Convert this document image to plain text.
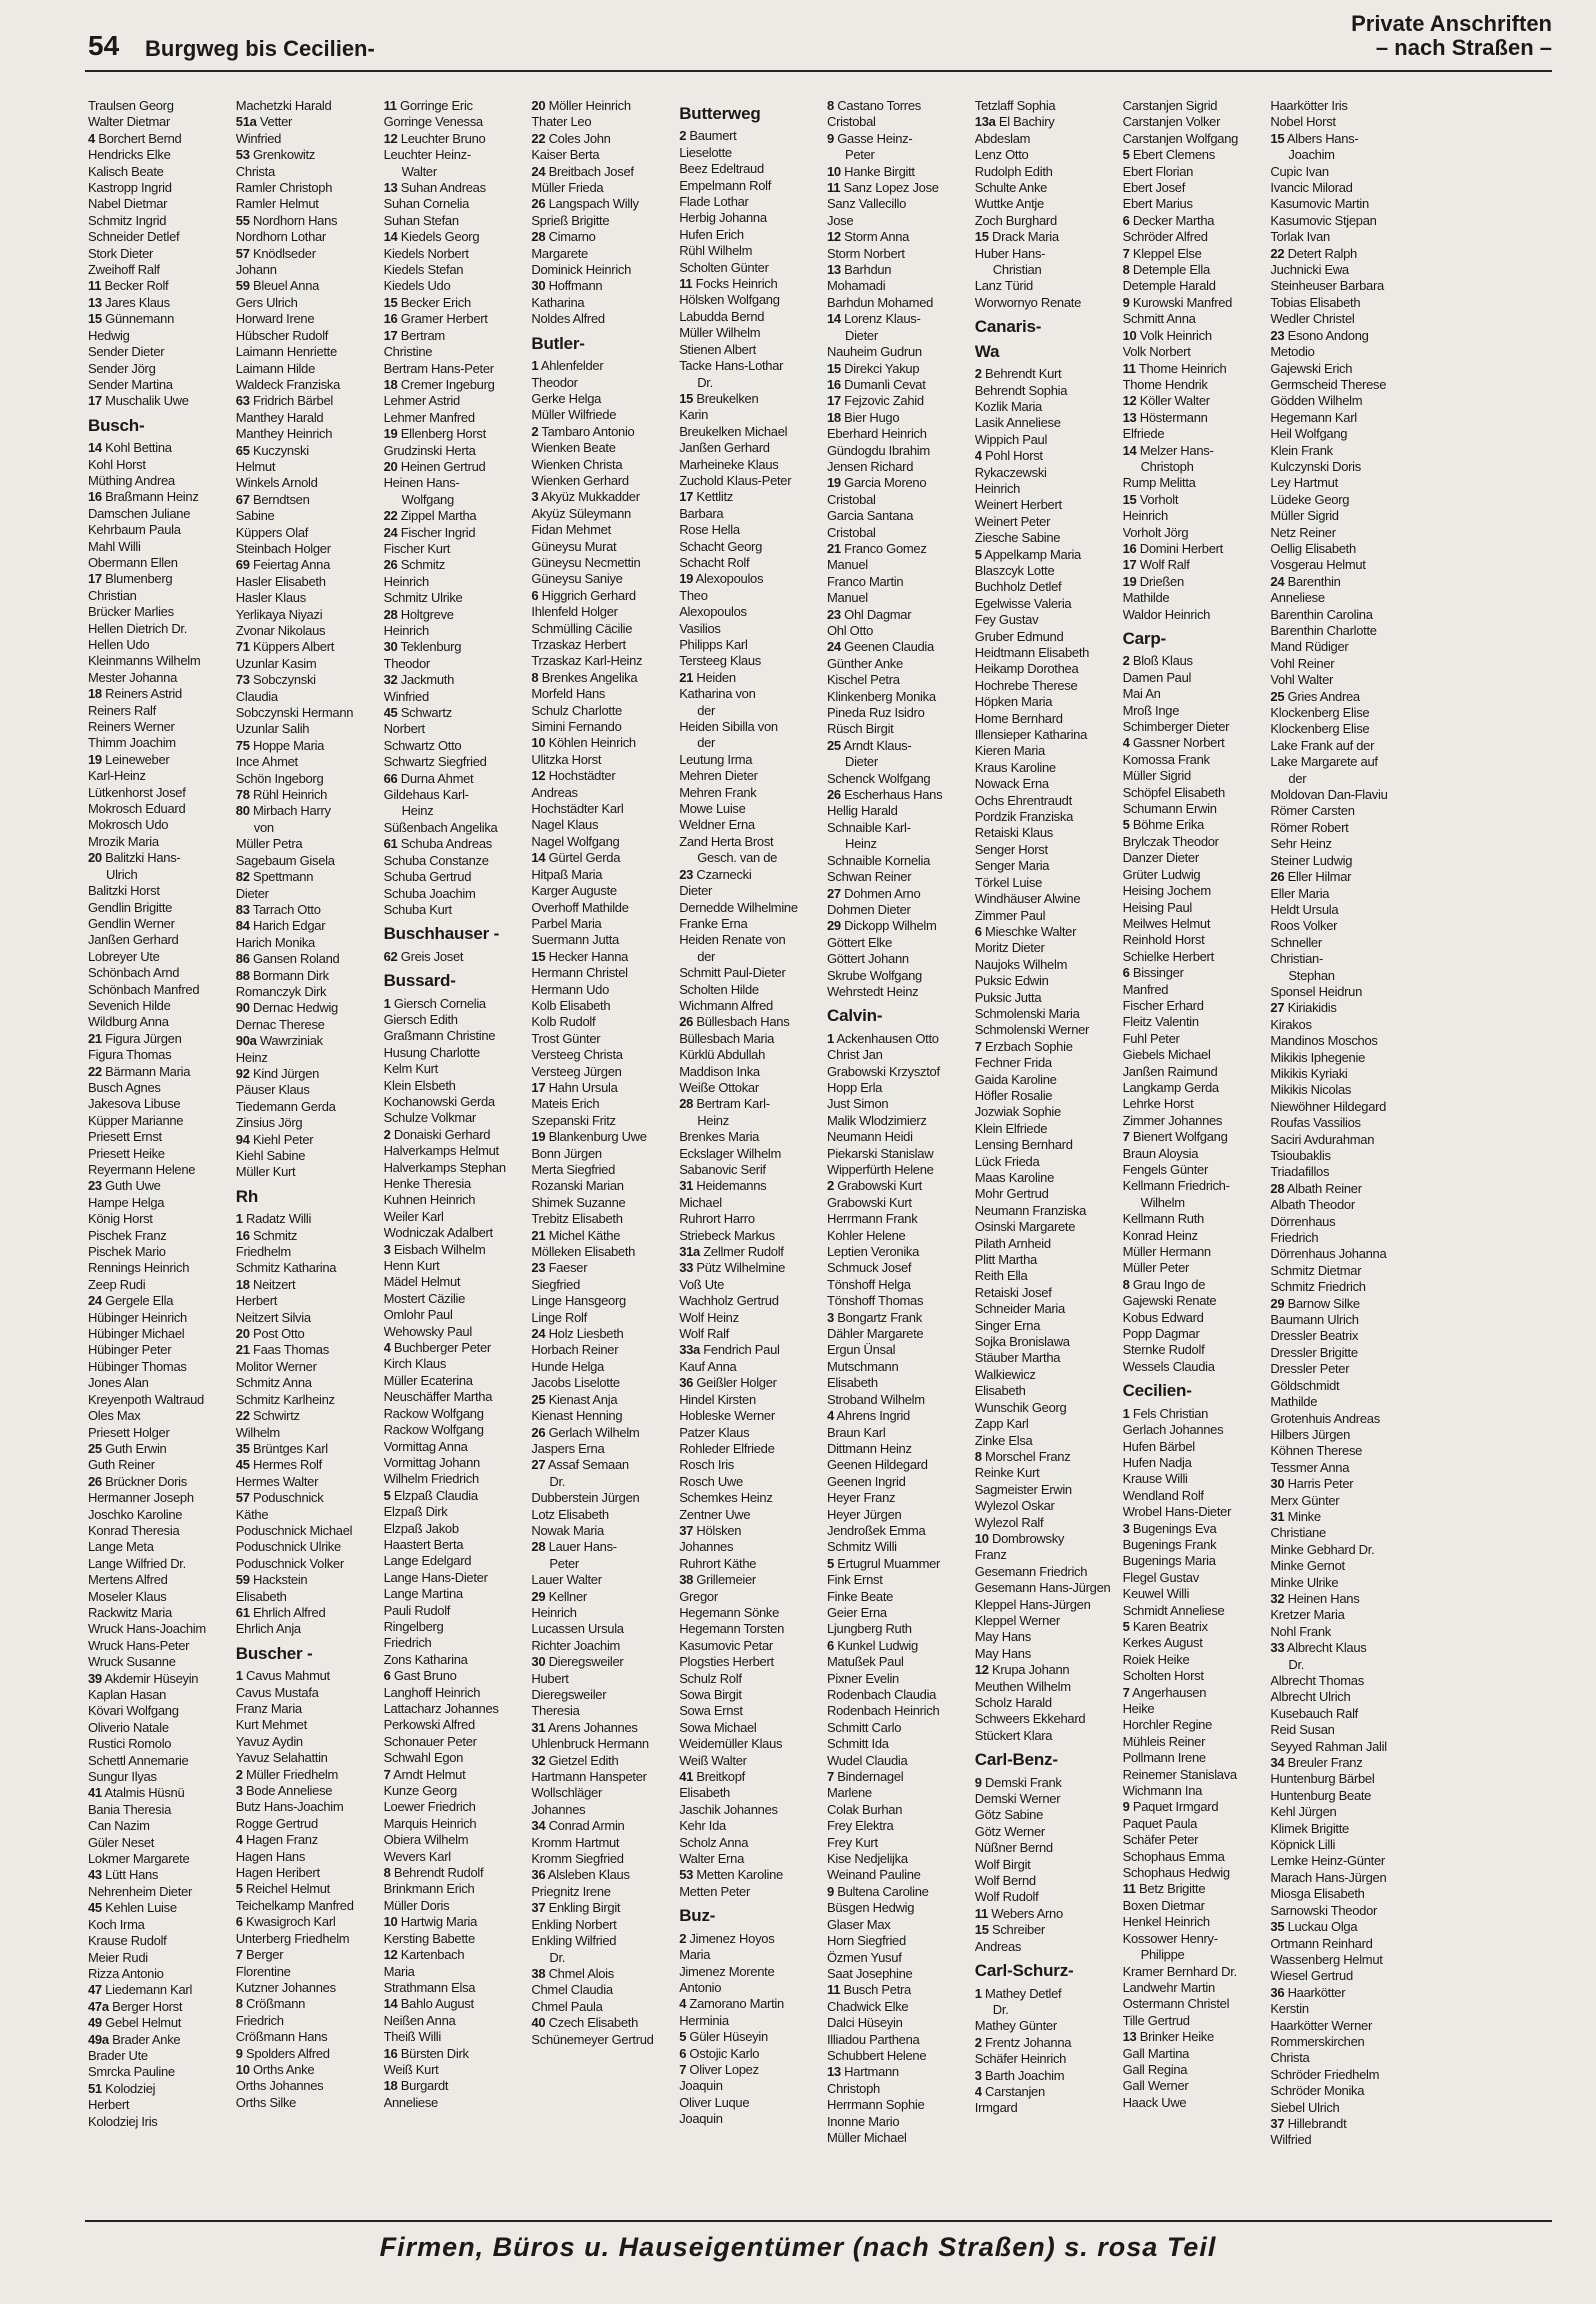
54 Burgweg bis Cecilien-
Private Anschriften
– nach Straßen –
Traulsen Georg
Walter Dietmar
4 Borchert Bernd
Hendricks Elke
Kalisch Beate
Kastropp Ingrid
Nabel Dietmar
Schmitz Ingrid
Schneider Detlef
Stork Dieter
Zweihoff Ralf
11 Becker Rolf
13 Jares Klaus
15 Günnemann
Hedwig
Sender Dieter
Sender Jörg
Sender Martina
17 Muschalik Uwe
Busch-
14 Kohl Bettina
Kohl Horst
Müthing Andrea
16 Braßmann Heinz
Damschen Juliane
Kehrbaum Paula
Mahl Willi
Obermann Ellen
17 Blumenberg
Christian
Brücker Marlies
Hellen Dietrich Dr.
Hellen Udo
Kleinmanns Wilhelm
Mester Johanna
18 Reiners Astrid
Reiners Ralf
Reiners Werner
Thimm Joachim
19 Leineweber
Karl-Heinz
Lütkenhorst Josef
Mokrosch Eduard
Mokrosch Udo
Mrozik Maria
20 Balitzki Hans-
Ulrich
Balitzki Horst
Gendlin Brigitte
Gendlin Werner
Janßen Gerhard
Lobreyer Ute
Schönbach Arnd
Schönbach Manfred
Sevenich Hilde
Wildburg Anna
21 Figura Jürgen
Figura Thomas
22 Bärmann Maria
Busch Agnes
Jakesova Libuse
Küpper Marianne
Priesett Ernst
Priesett Heike
Reyermann Helene
23 Guth Uwe
Hampe Helga
König Horst
Pischek Franz
Pischek Mario
Rennings Heinrich
Zeep Rudi
24 Gergele Ella
Hübinger Heinrich
Hübinger Michael
Hübinger Peter
Hübinger Thomas
Jones Alan
Kreyenpoth Waltraud
Oles Max
Priesett Holger
25 Guth Erwin
Guth Reiner
26 Brückner Doris
Hermanner Joseph
Joschko Karoline
Konrad Theresia
Lange Meta
Lange Wilfried Dr.
Mertens Alfred
Moseler Klaus
Rackwitz Maria
Wruck Hans-Joachim
Wruck Hans-Peter
Wruck Susanne
39 Akdemir Hüseyin
Kaplan Hasan
Kövari Wolfgang
Oliverio Natale
Rustici Romolo
Schettl Annemarie
Sungur Ilyas
41 Atalmis Hüsnü
Bania Theresia
Can Nazim
Güler Neset
Lokmer Margarete
43 Lütt Hans
Nehrenheim Dieter
45 Kehlen Luise
Koch Irma
Krause Rudolf
Meier Rudi
Rizza Antonio
47 Liedemann Karl
47a Berger Horst
49 Gebel Helmut
49a Brader Anke
Brader Ute
Smrcka Pauline
51 Kolodziej
Herbert
Kolodziej Iris
Machetzki Harald
51a Vetter
Winfried
53 Grenkowitz
Christa
Ramler Christoph
Ramler Helmut
55 Nordhorn Hans
Nordhorn Lothar
57 Knödlseder
Johann
59 Bleuel Anna
Gers Ulrich
Horward Irene
Hübscher Rudolf
Laimann Henriette
Laimann Hilde
Waldeck Franziska
63 Fridrich Bärbel
Manthey Harald
Manthey Heinrich
65 Kuczynski
Helmut
Winkels Arnold
67 Berndtsen
Sabine
Küppers Olaf
Steinbach Holger
69 Feiertag Anna
Hasler Elisabeth
Hasler Klaus
Yerlikaya Niyazi
Zvonar Nikolaus
71 Küppers Albert
Uzunlar Kasim
73 Sobczynski
Claudia
Sobczynski Hermann
Uzunlar Salih
75 Hoppe Maria
Ince Ahmet
Schön Ingeborg
78 Rühl Heinrich
80 Mirbach Harry
von
Müller Petra
Sagebaum Gisela
82 Spettmann
Dieter
83 Tarrach Otto
84 Harich Edgar
Harich Monika
86 Gansen Roland
88 Bormann Dirk
Romanczyk Dirk
90 Dernac Hedwig
Dernac Therese
90a Wawrziniak
Heinz
92 Kind Jürgen
Päuser Klaus
Tiedemann Gerda
Zinsius Jörg
94 Kiehl Peter
Kiehl Sabine
Müller Kurt
Rh
1 Radatz Willi
16 Schmitz
Friedhelm
Schmitz Katharina
18 Neitzert
Herbert
Neitzert Silvia
20 Post Otto
21 Faas Thomas
Molitor Werner
Schmitz Anna
Schmitz Karlheinz
22 Schwirtz
Wilhelm
35 Brüntges Karl
45 Hermes Rolf
Hermes Walter
57 Poduschnick
Käthe
Poduschnick Michael
Poduschnick Ulrike
Poduschnick Volker
59 Hackstein
Elisabeth
61 Ehrlich Alfred
Ehrlich Anja
Buscher -
1 Cavus Mahmut
Cavus Mustafa
Franz Maria
Kurt Mehmet
Yavuz Aydin
Yavuz Selahattin
2 Müller Friedhelm
3 Bode Anneliese
Butz Hans-Joachim
Rogge Gertrud
4 Hagen Franz
Hagen Hans
Hagen Heribert
5 Reichel Helmut
Teichelkamp Manfred
6 Kwasigroch Karl
Unterberg Friedhelm
7 Berger
Florentine
Kutzner Johannes
8 Crößmann
Friedrich
Crößmann Hans
9 Spolders Alfred
10 Orths Anke
Orths Johannes
Orths Silke
11 Gorringe Eric
Gorringe Venessa
12 Leuchter Bruno
Leuchter Heinz-
Walter
13 Suhan Andreas
Suhan Cornelia
Suhan Stefan
14 Kiedels Georg
Kiedels Norbert
Kiedels Stefan
Kiedels Udo
15 Becker Erich
16 Gramer Herbert
17 Bertram
Christine
Bertram Hans-Peter
18 Cremer Ingeburg
Lehmer Astrid
Lehmer Manfred
19 Ellenberg Horst
Grudzinski Herta
20 Heinen Gertrud
Heinen Hans-
Wolfgang
22 Zippel Martha
24 Fischer Ingrid
Fischer Kurt
26 Schmitz
Heinrich
Schmitz Ulrike
28 Holtgreve
Heinrich
30 Teklenburg
Theodor
32 Jackmuth
Winfried
45 Schwartz
Norbert
Schwartz Otto
Schwartz Siegfried
66 Durna Ahmet
Gildehaus Karl-
Heinz
Süßenbach Angelika
61 Schuba Andreas
Schuba Constanze
Schuba Gertrud
Schuba Joachim
Schuba Kurt
Buschhauser -
62 Greis Joset
Bussard-
1 Giersch Cornelia
Giersch Edith
Graßmann Christine
Husung Charlotte
Kelm Kurt
Klein Elsbeth
Kochanowski Gerda
Schulze Volkmar
2 Donaiski Gerhard
Halverkamps Helmut
Halverkamps Stephan
Henke Theresia
Kuhnen Heinrich
Weiler Karl
Wodniczak Adalbert
3 Eisbach Wilhelm
Henn Kurt
Mädel Helmut
Mostert Cäzilie
Omlohr Paul
Wehowsky Paul
4 Buchberger Peter
Kirch Klaus
Müller Ecaterina
Neuschäffer Martha
Rackow Wolfgang
Rackow Wolfgang
Vormittag Anna
Vormittag Johann
Wilhelm Friedrich
5 Elzpaß Claudia
Elzpaß Dirk
Elzpaß Jakob
Haastert Berta
Lange Edelgard
Lange Hans-Dieter
Lange Martina
Pauli Rudolf
Ringelberg
Friedrich
Zons Katharina
6 Gast Bruno
Langhoff Heinrich
Lattacharz Johannes
Perkowski Alfred
Schonauer Peter
Schwahl Egon
7 Arndt Helmut
Kunze Georg
Loewer Friedrich
Marquis Heinrich
Obiera Wilhelm
Wevers Karl
8 Behrendt Rudolf
Brinkmann Erich
Müller Doris
10 Hartwig Maria
Kersting Babette
12 Kartenbach
Maria
Strathmann Elsa
14 Bahlo August
Neißen Anna
Theiß Willi
16 Bürsten Dirk
Weiß Kurt
18 Burgardt
Anneliese
20 Möller Heinrich
Thater Leo
22 Coles John
Kaiser Berta
24 Breitbach Josef
Müller Frieda
26 Langspach Willy
Sprieß Brigitte
28 Cimarno
Margarete
Dominick Heinrich
30 Hoffmann
Katharina
Noldes Alfred
Butler-
1 Ahlenfelder
Theodor
Gerke Helga
Müller Wilfriede
2 Tambaro Antonio
Wienken Beate
Wienken Christa
Wienken Gerhard
3 Akyüz Mukkadder
Akyüz Süleymann
Fidan Mehmet
Güneysu Murat
Güneysu Necmettin
Güneysu Saniye
6 Higgrich Gerhard
Ihlenfeld Holger
Schmülling Cäcilie
Trzaskaz Herbert
Trzaskaz Karl-Heinz
8 Brenkes Angelika
Morfeld Hans
Schulz Charlotte
Simini Fernando
10 Köhlen Heinrich
Ulitzka Horst
12 Hochstädter
Andreas
Hochstädter Karl
Nagel Klaus
Nagel Wolfgang
14 Gürtel Gerda
Hitpaß Maria
Karger Auguste
Overhoff Mathilde
Parbel Maria
Suermann Jutta
15 Hecker Hanna
Hermann Christel
Hermann Udo
Kolb Elisabeth
Kolb Rudolf
Trost Günter
Versteeg Christa
Versteeg Jürgen
17 Hahn Ursula
Mateis Erich
Szepanski Fritz
19 Blankenburg Uwe
Bonn Jürgen
Merta Siegfried
Rozanski Marian
Shimek Suzanne
Trebitz Elisabeth
21 Michel Käthe
Mölleken Elisabeth
23 Faeser
Siegfried
Linge Hansgeorg
Linge Rolf
24 Holz Liesbeth
Horbach Reiner
Hunde Helga
Jacobs Liselotte
25 Kienast Anja
Kienast Henning
26 Gerlach Wilhelm
Jaspers Erna
27 Assaf Semaan
Dr.
Dubberstein Jürgen
Lotz Elisabeth
Nowak Maria
28 Lauer Hans-
Peter
Lauer Walter
29 Kellner
Heinrich
Lucassen Ursula
Richter Joachim
30 Dieregsweiler
Hubert
Dieregsweiler
Theresia
31 Arens Johannes
Uhlenbruck Hermann
32 Gietzel Edith
Hartmann Hanspeter
Wollschläger
Johannes
34 Conrad Armin
Kromm Hartmut
Kromm Siegfried
36 Alsleben Klaus
Priegnitz Irene
37 Enkling Birgit
Enkling Norbert
Enkling Wilfried
Dr.
38 Chmel Alois
Chmel Claudia
Chmel Paula
40 Czech Elisabeth
Schünemeyer Gertrud
Butterweg
2 Baumert
Lieselotte
Beez Edeltraud
Empelmann Rolf
Flade Lothar
Herbig Johanna
Hufen Erich
Rühl Wilhelm
Scholten Günter
11 Focks Heinrich
Hölsken Wolfgang
Labudda Bernd
Müller Wilhelm
Stienen Albert
Tacke Hans-Lothar
Dr.
15 Breukelken
Karin
Breukelken Michael
Janßen Gerhard
Marheineke Klaus
Zuchold Klaus-Peter
17 Kettlitz
Barbara
Rose Hella
Schacht Georg
Schacht Rolf
19 Alexopoulos
Theo
Alexopoulos
Vasilios
Philipps Karl
Tersteeg Klaus
21 Heiden
Katharina von
der
Heiden Sibilla von
der
Leutung Irma
Mehren Dieter
Mehren Frank
Mowe Luise
Weldner Erna
Zand Herta Brost
Gesch. van de
23 Czarnecki
Dieter
Dernedde Wilhelmine
Franke Erna
Heiden Renate von
der
Schmitt Paul-Dieter
Scholten Hilde
Wichmann Alfred
26 Büllesbach Hans
Büllesbach Maria
Kürklü Abdullah
Maddison Inka
Weiße Ottokar
28 Bertram Karl-
Heinz
Brenkes Maria
Eckslager Wilhelm
Sabanovic Serif
31 Heidemanns
Michael
Ruhrort Harro
Striebeck Markus
31a Zellmer Rudolf
33 Pütz Wilhelmine
Voß Ute
Wachholz Gertrud
Wolf Heinz
Wolf Ralf
33a Fendrich Paul
Kauf Anna
36 Geißler Holger
Hindel Kirsten
Hobleske Werner
Patzer Klaus
Rohleder Elfriede
Rosch Iris
Rosch Uwe
Schemkes Heinz
Zentner Uwe
37 Hölsken
Johannes
Ruhrort Käthe
38 Grillemeier
Gregor
Hegemann Sönke
Hegemann Torsten
Kasumovic Petar
Plogsties Herbert
Schulz Rolf
Sowa Birgit
Sowa Ernst
Sowa Michael
Weidemüller Klaus
Weiß Walter
41 Breitkopf
Elisabeth
Jaschik Johannes
Kehr Ida
Scholz Anna
Walter Erna
53 Metten Karoline
Metten Peter
Buz-
2 Jimenez Hoyos
Maria
Jimenez Morente
Antonio
4 Zamorano Martin
Herminia
5 Güler Hüseyin
6 Ostojic Karlo
7 Oliver Lopez
Joaquin
Oliver Luque
Joaquin
8 Castano Torres
Cristobal
9 Gasse Heinz-
Peter
10 Hanke Birgitt
11 Sanz Lopez Jose
Sanz Vallecillo
Jose
12 Storm Anna
Storm Norbert
13 Barhdun
Mohamadi
Barhdun Mohamed
14 Lorenz Klaus-
Dieter
Nauheim Gudrun
15 Direkci Yakup
16 Dumanli Cevat
17 Fejzovic Zahid
18 Bier Hugo
Eberhard Heinrich
Gündogdu Ibrahim
Jensen Richard
19 Garcia Moreno
Cristobal
Garcia Santana
Cristobal
21 Franco Gomez
Manuel
Franco Martin
Manuel
23 Ohl Dagmar
Ohl Otto
24 Geenen Claudia
Günther Anke
Kischel Petra
Klinkenberg Monika
Pineda Ruz Isidro
Rüsch Birgit
25 Arndt Klaus-
Dieter
Schenck Wolfgang
26 Escherhaus Hans
Hellig Harald
Schnaible Karl-
Heinz
Schnaible Kornelia
Schwan Reiner
27 Dohmen Arno
Dohmen Dieter
29 Dickopp Wilhelm
Göttert Elke
Göttert Johann
Skrube Wolfgang
Wehrstedt Heinz
Calvin-
1 Ackenhausen Otto
Christ Jan
Grabowski Krzysztof
Hopp Erla
Just Simon
Malik Wlodzimierz
Neumann Heidi
Piekarski Stanislaw
Wipperfürth Helene
2 Grabowski Kurt
Grabowski Kurt
Herrmann Frank
Kohler Helene
Leptien Veronika
Schmuck Josef
Tönshoff Helga
Tönshoff Thomas
3 Bongartz Frank
Dähler Margarete
Ergun Ünsal
Mutschmann
Elisabeth
Stroband Wilhelm
4 Ahrens Ingrid
Braun Karl
Dittmann Heinz
Geenen Hildegard
Geenen Ingrid
Heyer Franz
Heyer Jürgen
Jendroßek Emma
Schmitz Willi
5 Ertugrul Muammer
Fink Ernst
Finke Beate
Geier Erna
Ljungberg Ruth
6 Kunkel Ludwig
Matußek Paul
Pixner Evelin
Rodenbach Claudia
Rodenbach Heinrich
Schmitt Carlo
Schmitt Ida
Wudel Claudia
7 Bindernagel
Marlene
Colak Burhan
Frey Elektra
Frey Kurt
Kise Nedjelijka
Weinand Pauline
9 Bultena Caroline
Büsgen Hedwig
Glaser Max
Horn Siegfried
Özmen Yusuf
Saat Josephine
11 Busch Petra
Chadwick Elke
Dalci Hüseyin
Illiadou Parthena
Schubbert Helene
13 Hartmann
Christoph
Herrmann Sophie
Inonne Mario
Müller Michael
Tetzlaff Sophia
13a El Bachiry
Abdeslam
Lenz Otto
Rudolph Edith
Schulte Anke
Wuttke Antje
Zoch Burghard
15 Drack Maria
Huber Hans-
Christian
Lanz Türid
Worwornyo Renate
Canaris-
Wa
2 Behrendt Kurt
Behrendt Sophia
Kozlik Maria
Lasik Anneliese
Wippich Paul
4 Pohl Horst
Rykaczewski
Heinrich
Weinert Herbert
Weinert Peter
Ziesche Sabine
5 Appelkamp Maria
Blaszcyk Lotte
Buchholz Detlef
Egelwisse Valeria
Fey Gustav
Gruber Edmund
Heidtmann Elisabeth
Heikamp Dorothea
Hochrebe Therese
Höpken Maria
Home Bernhard
Illensieper Katharina
Kieren Maria
Kraus Karoline
Nowack Erna
Ochs Ehrentraudt
Pordzik Franziska
Retaiski Klaus
Senger Horst
Senger Maria
Törkel Luise
Windhäuser Alwine
Zimmer Paul
6 Mieschke Walter
Moritz Dieter
Naujoks Wilhelm
Puksic Edwin
Puksic Jutta
Schmolenski Maria
Schmolenski Werner
7 Erzbach Sophie
Fechner Frida
Gaida Karoline
Höfler Rosalie
Jozwiak Sophie
Klein Elfriede
Lensing Bernhard
Lück Frieda
Maas Karoline
Mohr Gertrud
Neumann Franziska
Osinski Margarete
Pilath Arnheid
Plitt Martha
Reith Ella
Retaiski Josef
Schneider Maria
Singer Erna
Sojka Bronislawa
Stäuber Martha
Walkiewicz
Elisabeth
Wunschik Georg
Zapp Karl
Zinke Elsa
8 Morschel Franz
Reinke Kurt
Sagmeister Erwin
Wylezol Oskar
Wylezol Ralf
10 Dombrowsky
Franz
Gesemann Friedrich
Gesemann Hans-Jürgen
Kleppel Hans-Jürgen
Kleppel Werner
May Hans
May Hans
12 Krupa Johann
Meuthen Wilhelm
Scholz Harald
Schweers Ekkehard
Stückert Klara
Carl-Benz-
9 Demski Frank
Demski Werner
Götz Sabine
Götz Werner
Nüßner Bernd
Wolf Birgit
Wolf Bernd
Wolf Rudolf
11 Webers Arno
15 Schreiber
Andreas
Carl-Schurz-
1 Mathey Detlef
Dr.
Mathey Günter
2 Frentz Johanna
Schäfer Heinrich
3 Barth Joachim
4 Carstanjen
Irmgard
Carstanjen Sigrid
Carstanjen Volker
Carstanjen Wolfgang
5 Ebert Clemens
Ebert Florian
Ebert Josef
Ebert Marius
6 Decker Martha
Schröder Alfred
7 Kleppel Else
8 Detemple Ella
Detemple Harald
9 Kurowski Manfred
Schmitt Anna
10 Volk Heinrich
Volk Norbert
11 Thome Heinrich
Thome Hendrik
12 Köller Walter
13 Höstermann
Elfriede
14 Melzer Hans-
Christoph
Rump Melitta
15 Vorholt
Heinrich
Vorholt Jörg
16 Domini Herbert
17 Wolf Ralf
19 Drießen
Mathilde
Waldor Heinrich
Carp-
2 Bloß Klaus
Damen Paul
Mai An
Mroß Inge
Schimberger Dieter
4 Gassner Norbert
Komossa Frank
Müller Sigrid
Schöpfel Elisabeth
Schumann Erwin
5 Böhme Erika
Brylczak Theodor
Danzer Dieter
Grüter Ludwig
Heising Jochem
Heising Paul
Meilwes Helmut
Reinhold Horst
Schielke Herbert
6 Bissinger
Manfred
Fischer Erhard
Fleitz Valentin
Fuhl Peter
Giebels Michael
Janßen Raimund
Langkamp Gerda
Lehrke Horst
Zimmer Johannes
7 Bienert Wolfgang
Braun Aloysia
Fengels Günter
Kellmann Friedrich-
Wilhelm
Kellmann Ruth
Konrad Heinz
Müller Hermann
Müller Peter
8 Grau Ingo de
Gajewski Renate
Kobus Edward
Popp Dagmar
Sternke Rudolf
Wessels Claudia
Cecilien-
1 Fels Christian
Gerlach Johannes
Hufen Bärbel
Hufen Nadja
Krause Willi
Wendland Rolf
Wrobel Hans-Dieter
3 Bugenings Eva
Bugenings Frank
Bugenings Maria
Flegel Gustav
Keuwel Willi
Schmidt Anneliese
5 Karen Beatrix
Kerkes August
Roiek Heike
Scholten Horst
7 Angerhausen
Heike
Horchler Regine
Mühleis Reiner
Pollmann Irene
Reinemer Stanislava
Wichmann Ina
9 Paquet Irmgard
Paquet Paula
Schäfer Peter
Schophaus Emma
Schophaus Hedwig
11 Betz Brigitte
Boxen Dietmar
Henkel Heinrich
Kossower Henry-
Philippe
Kramer Bernhard Dr.
Landwehr Martin
Ostermann Christel
Tille Gertrud
13 Brinker Heike
Gall Martina
Gall Regina
Gall Werner
Haack Uwe
Haarkötter Iris
Nobel Horst
15 Albers Hans-
Joachim
Cupic Ivan
Ivancic Milorad
Kasumovic Martin
Kasumovic Stjepan
Torlak Ivan
22 Detert Ralph
Juchnicki Ewa
Steinheuser Barbara
Tobias Elisabeth
Wedler Christel
23 Esono Andong
Metodio
Gajewski Erich
Germscheid Therese
Gödden Wilhelm
Hegemann Karl
Heil Wolfgang
Klein Frank
Kulczynski Doris
Ley Hartmut
Lüdeke Georg
Müller Sigrid
Netz Reiner
Oellig Elisabeth
Vosgerau Helmut
24 Barenthin
Anneliese
Barenthin Carolina
Barenthin Charlotte
Mand Rüdiger
Vohl Reiner
Vohl Walter
25 Gries Andrea
Klockenberg Elise
Klockenberg Elise
Lake Frank auf der
Lake Margarete auf
der
Moldovan Dan-Flaviu
Römer Carsten
Römer Robert
Sehr Heinz
Steiner Ludwig
26 Eller Hilmar
Eller Maria
Heldt Ursula
Roos Volker
Schneller
Christian-
Stephan
Sponsel Heidrun
27 Kiriakidis
Kirakos
Mandinos Moschos
Mikikis Iphegenie
Mikikis Kyriaki
Mikikis Nicolas
Niewöhner Hildegard
Roufas Vassilios
Saciri Avdurahman
Tsioubaklis
Triadafillos
28 Albath Reiner
Albath Theodor
Dörrenhaus
Friedrich
Dörrenhaus Johanna
Schmitz Dietmar
Schmitz Friedrich
29 Barnow Silke
Baumann Ulrich
Dressler Beatrix
Dressler Brigitte
Dressler Peter
Göldschmidt
Mathilde
Grotenhuis Andreas
Hilbers Jürgen
Köhnen Therese
Tessmer Anna
30 Harris Peter
Merx Günter
31 Minke
Christiane
Minke Gebhard Dr.
Minke Gernot
Minke Ulrike
32 Heinen Hans
Kretzer Maria
Nohl Frank
33 Albrecht Klaus
Dr.
Albrecht Thomas
Albrecht Ulrich
Kusebauch Ralf
Reid Susan
Seyyed Rahman Jalil
34 Breuler Franz
Huntenburg Bärbel
Huntenburg Beate
Kehl Jürgen
Klimek Brigitte
Köpnick Lilli
Lemke Heinz-Günter
Marach Hans-Jürgen
Miosga Elisabeth
Sarnowski Theodor
35 Luckau Olga
Ortmann Reinhard
Wassenberg Helmut
Wiesel Gertrud
36 Haarkötter
Kerstin
Haarkötter Werner
Rommerskirchen
Christa
Schröder Friedhelm
Schröder Monika
Siebel Ulrich
37 Hillebrandt
Wilfried
Firmen, Büros u. Hauseigentümer (nach Straßen) s. rosa Teil
